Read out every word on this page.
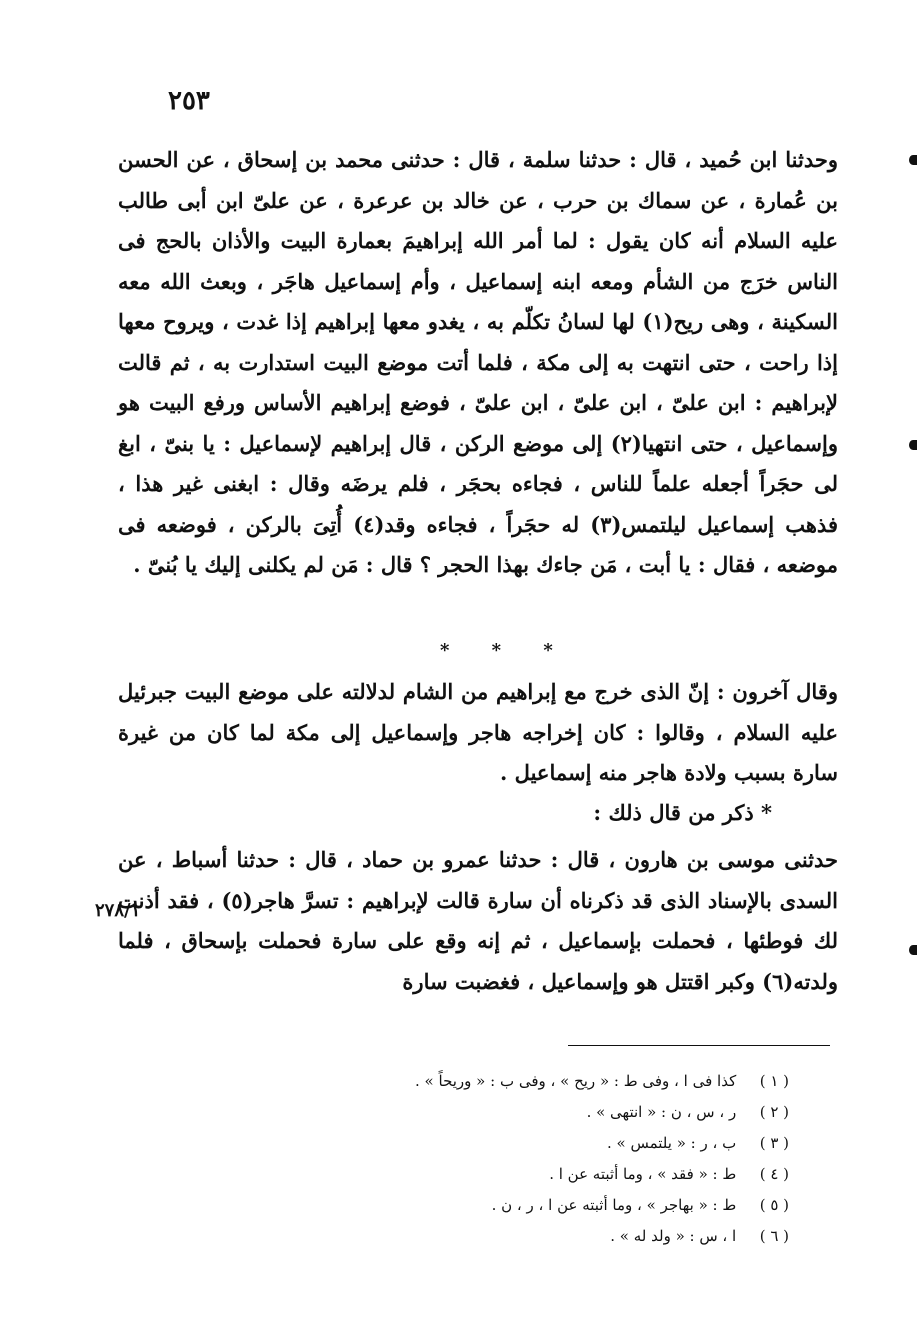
٢٥٣

وحدثنا ابن حُميد ، قال : حدثنا سلمة ، قال : حدثنى محمد بن إسحاق ، عن الحسن بن عُمارة ، عن سماك بن حرب ، عن خالد بن عرعرة ، عن علىّ ابن أبى طالب عليه السلام أنه كان يقول : لما أمر الله إبراهيمَ بعمارة البيت والأذان بالحج فى الناس خرَج من الشأم ومعه ابنه إسماعيل ، وأم إسماعيل هاجَر ، وبعث الله معه السكينة ، وهى ريح(١) لها لسانُ تكلّم به ، يغدو معها إبراهيم إذا غدت ، ويروح معها إذا راحت ، حتى انتهت به إلى مكة ، فلما أتت موضع البيت استدارت به ، ثم قالت لإبراهيم : ابن علىّ ، ابن علىّ ، ابن علىّ ، فوضع إبراهيم الأساس ورفع البيت هو وإسماعيل ، حتى انتهيا(٢) إلى موضع الركن ، قال إبراهيم لإسماعيل : يا بنىّ ، ابغ لى حجَراً أجعله علماً للناس ، فجاءه بحجَر ، فلم يرضَه وقال : ابغنى غير هذا ، فذهب إسماعيل ليلتمس(٣) له حجَراً ، فجاءه وقد(٤) أُتِىَ بالركن ، فوضعه فى موضعه ، فقال : يا أبت ، مَن جاءك بهذا الحجر ؟ قال : مَن لم يكلنى إليك يا بُنىّ .

* * *

وقال آخرون : إنّ الذى خرج مع إبراهيم من الشام لدلالته على موضع البيت جبرئيل عليه السلام ، وقالوا : كان إخراجه هاجر وإسماعيل إلى مكة لما كان من غيرة سارة بسبب ولادة هاجر منه إسماعيل .

* ذكر من قال ذلك :

حدثنى موسى بن هارون ، قال : حدثنا عمرو بن حماد ، قال : حدثنا أسباط ، عن السدى بالإسناد الذى قد ذكرناه أن سارة قالت لإبراهيم : تسرَّ هاجر(٥) ، فقد أذنت لك فوطئها ، فحملت بإسماعيل ، ثم إنه وقع على سارة فحملت بإسحاق ، فلما ولدته(٦) وكبر اقتتل هو وإسماعيل ، فغضبت سارة

٢٧٨/١
( ١ ) كذا فى ا ، وفى ط : « ريح » ، وفى ب : « وريحاً » .
( ٢ ) ر ، س ، ن : « انتهى » .
( ٣ ) ب ، ر : « يلتمس » .
( ٤ ) ط : « فقد » ، وما أثبته عن ا .
( ٥ ) ط : « بهاجر » ، وما أثبته عن ا ، ر ، ن .
( ٦ ) ا ، س : « ولد له » .
